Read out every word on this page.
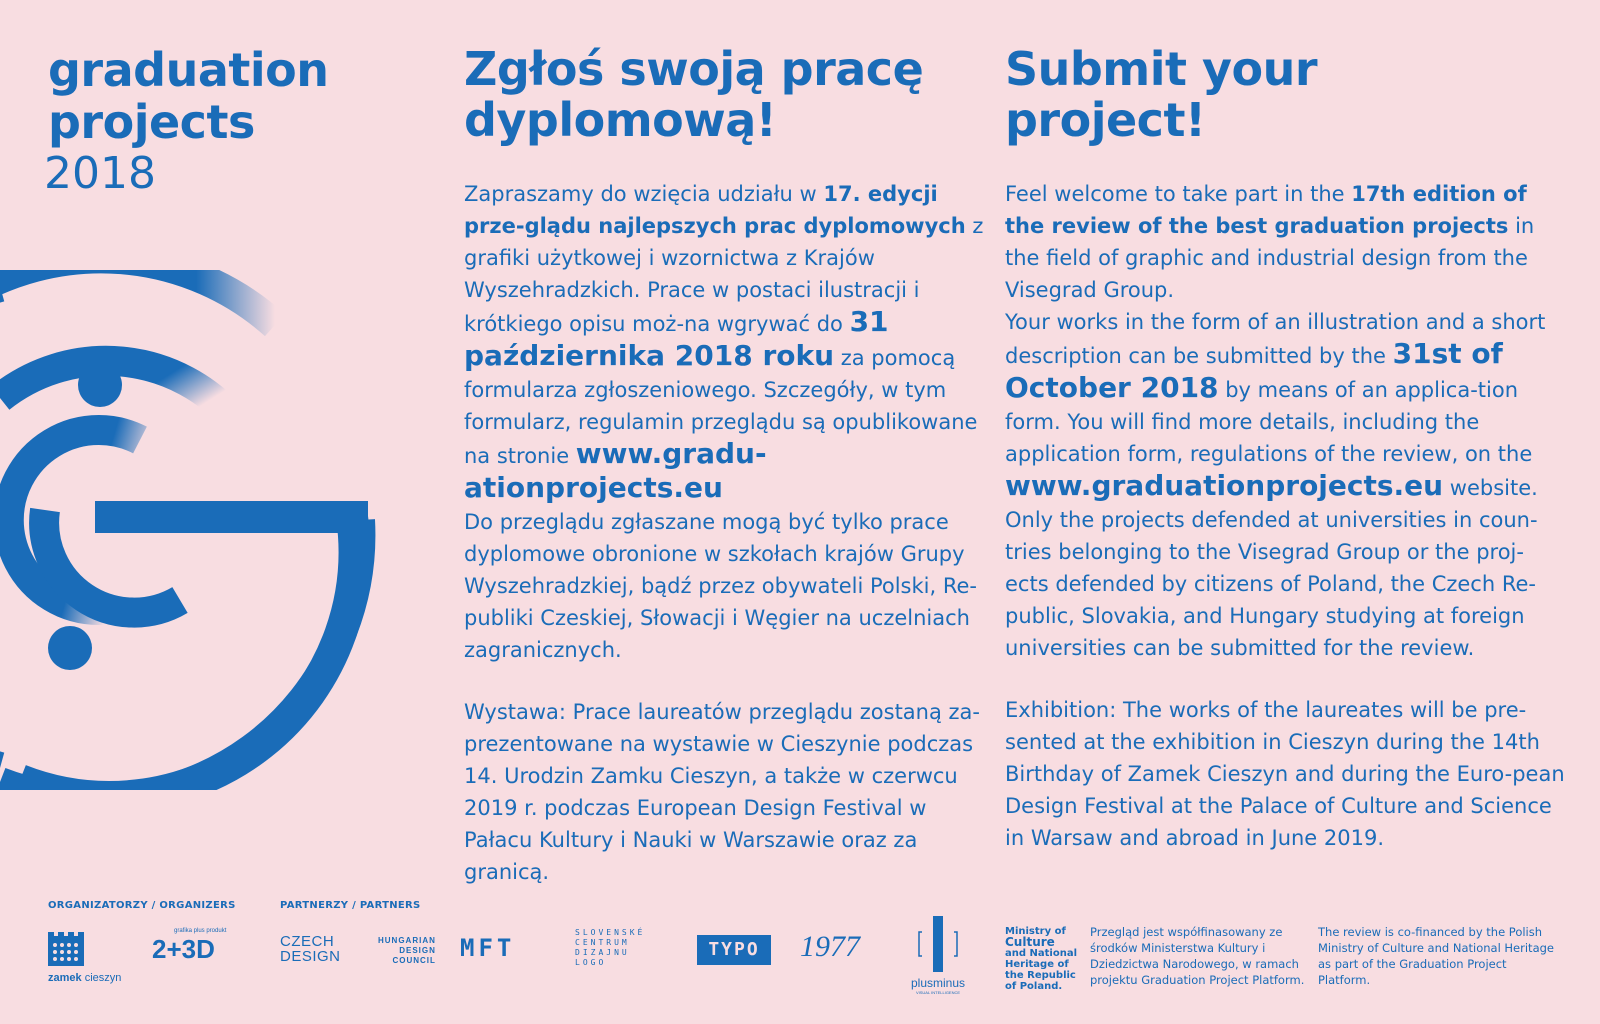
graduation
projects
2018
Zgłoś swoją pracę
dyplomową!

Zapraszamy do wzięcia udziału w 17. edycji prze-glądu najlepszych prac dyplomowych z grafiki użytkowej i wzornictwa z Krajów Wyszehradzkich. Prace w postaci ilustracji i krótkiego opisu moż-na wgrywać do 31 października 2018 roku za pomocą formularza zgłoszeniowego. Szczegóły, w tym formularz, regulamin przeglądu są opublikowane na stronie www.gradu-ationprojects.eu

Do przeglądu zgłaszane mogą być tylko prace dyplomowe obronione w szkołach krajów Grupy Wyszehradzkiej, bądź przez obywateli Polski, Re-publiki Czeskiej, Słowacji i Węgier na uczelniach zagranicznych.

Wystawa: Prace laureatów przeglądu zostaną za-prezentowane na wystawie w Cieszynie podczas 14. Urodzin Zamku Cieszyn, a także w czerwcu 2019 r. podczas European Design Festival w Pałacu Kultury i Nauki w Warszawie oraz za granicą.

Submit your
project!

Feel welcome to take part in the 17th edition of the review of the best graduation projects in the field of graphic and industrial design from the Visegrad Group.

Your works in the form of an illustration and a short description can be submitted by the 31st of October 2018 by means of an applica-tion form. You will find more details, including the application form, regulations of the review, on the www.graduationprojects.eu website.

Only the projects defended at universities in coun-tries belonging to the Visegrad Group or the proj-ects defended by citizens of Poland, the Czech Re-public, Slovakia, and Hungary studying at foreign universities can be submitted for the review.

Exhibition: The works of the laureates will be pre-sented at the exhibition in Cieszyn during the 14th Birthday of Zamek Cieszyn and during the Euro-pean Design Festival at the Palace of Culture and Science in Warsaw and abroad in June 2019.

ORGANIZATORZY / ORGANIZERS	PARTNERZY / PARTNERS
zamek cieszyn
grafika plus produkt
2+3D	CZECH
DESIGN
HUNGARIAN
DESIGN
COUNCIL MFT
SLOVENSKÉ
CENTRUM
DIZAJNU
LOGO
TYPO	1977
plusminus
VISUAL INTELLIGENCE
Ministry of
Culture
and National
Heritage of
the Republic
of Poland.
Przegląd jest współfinasowany ze środków Ministerstwa Kultury i Dziedzictwa Narodowego, w ramach projektu Graduation Project Platform.
The review is co-financed by the Polish Ministry of Culture and National Heritage as part of the Graduation Project Platform.
